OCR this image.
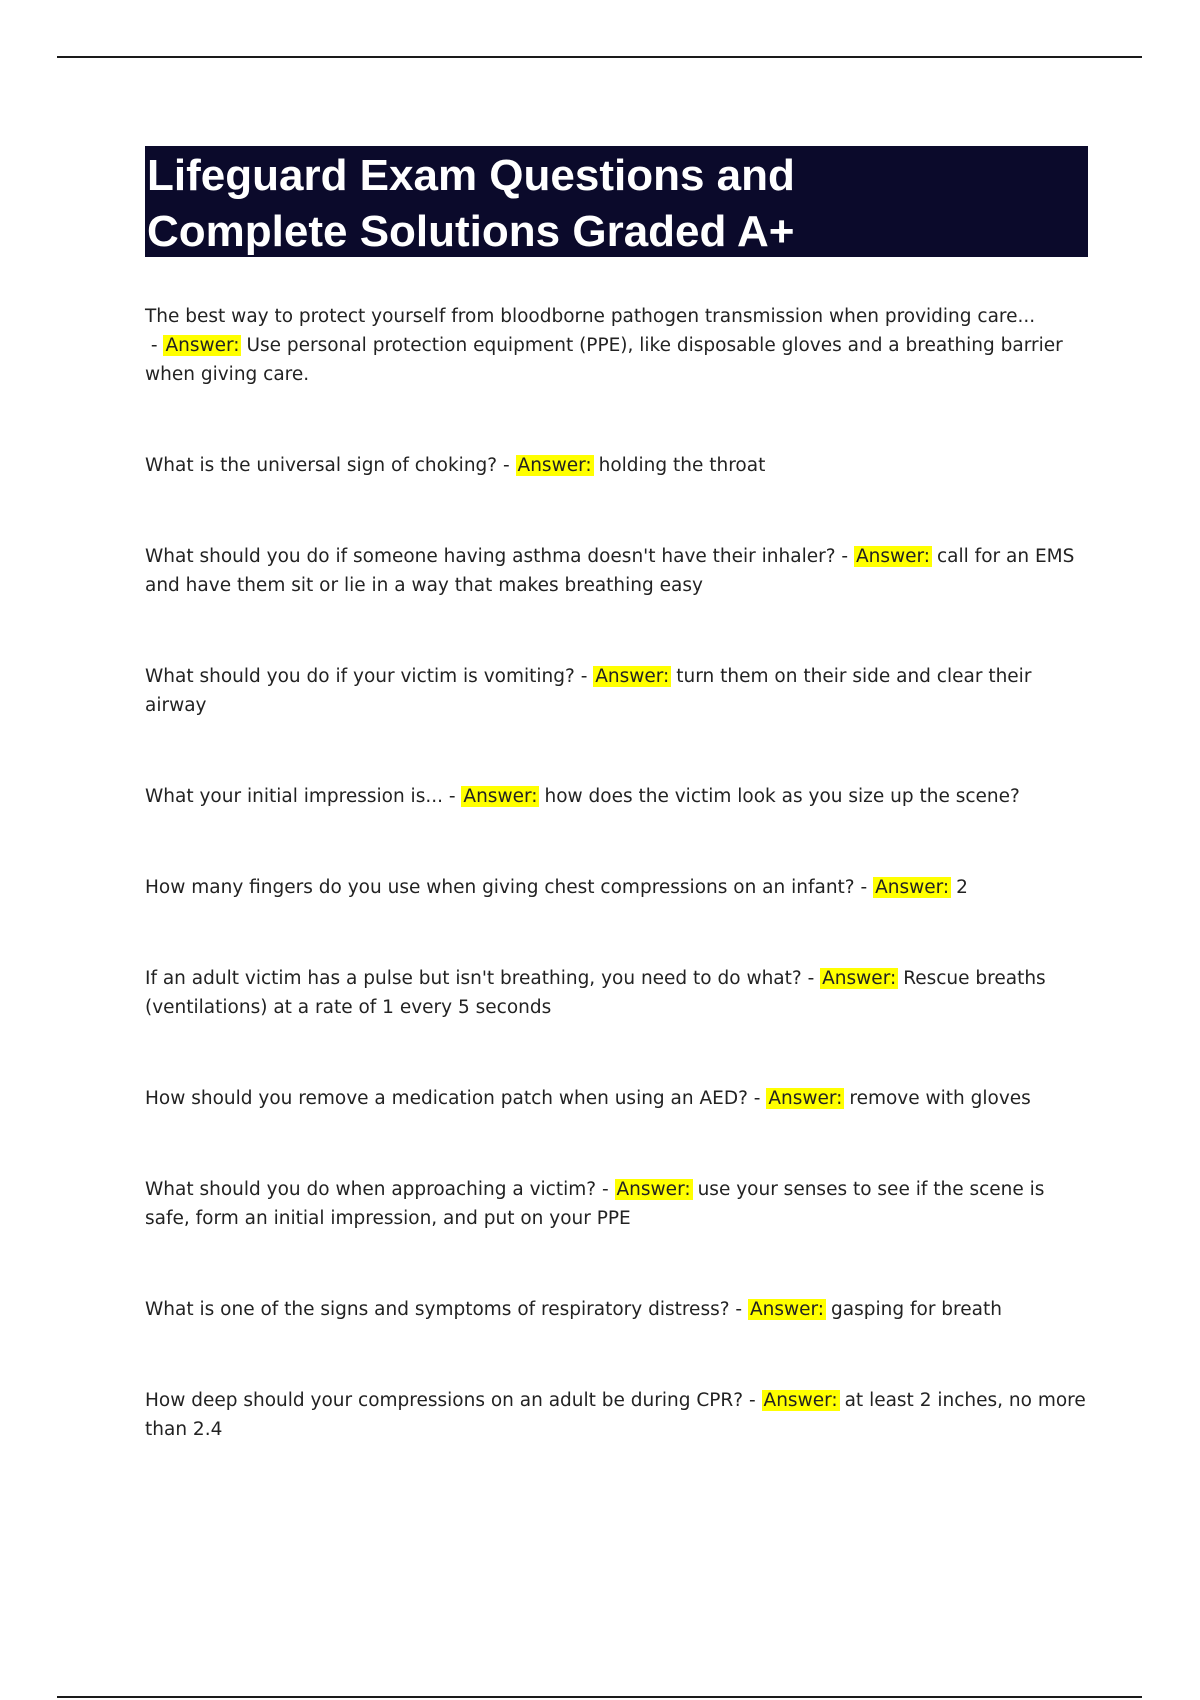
Lifeguard Exam Questions and
Complete Solutions Graded A+

The best way to protect yourself from bloodborne pathogen transmission when providing care... - Answer: Use personal protection equipment (PPE), like disposable gloves and a breathing barrier when giving care.

What is the universal sign of choking? - Answer: holding the throat

What should you do if someone having asthma doesn't have their inhaler? - Answer: call for an EMS and have them sit or lie in a way that makes breathing easy

What should you do if your victim is vomiting? - Answer: turn them on their side and clear their airway

What your initial impression is... - Answer: how does the victim look as you size up the scene?

How many fingers do you use when giving chest compressions on an infant? - Answer: 2

If an adult victim has a pulse but isn't breathing, you need to do what? - Answer: Rescue breaths (ventilations) at a rate of 1 every 5 seconds

How should you remove a medication patch when using an AED? - Answer: remove with gloves

What should you do when approaching a victim? - Answer: use your senses to see if the scene is safe, form an initial impression, and put on your PPE

What is one of the signs and symptoms of respiratory distress? - Answer: gasping for breath

How deep should your compressions on an adult be during CPR? - Answer: at least 2 inches, no more than 2.4
